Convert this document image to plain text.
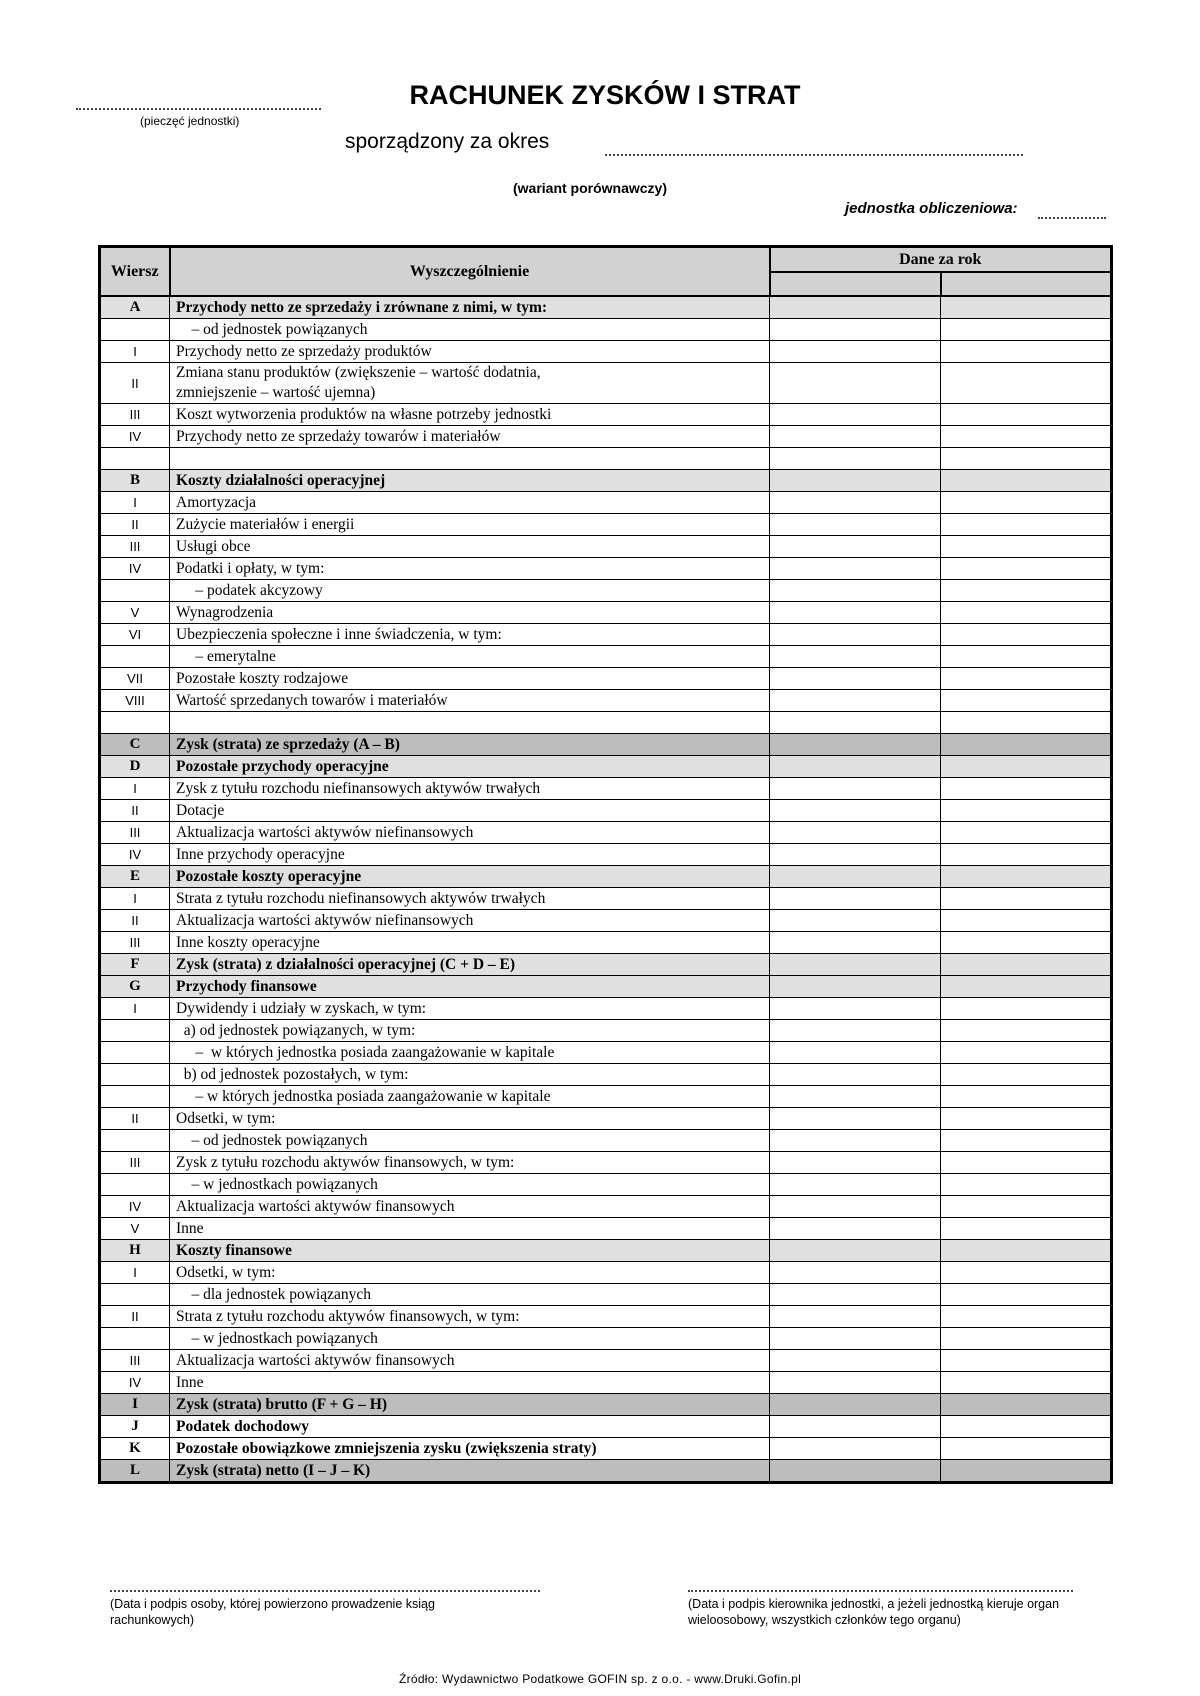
(pieczęć jednostki)
RACHUNEK ZYSKÓW I STRAT
sporządzony za okres
(wariant porównawczy)
jednostka obliczeniowa:
Wiersz	Wyszczególnienie	Dane za rok	

A	Przychody netto ze sprzedaży i zrównane z nimi, w tym:		
	– od jednostek powiązanych		
I	Przychody netto ze sprzedaży produktów		
II	Zmiana stanu produktów (zwiększenie – wartość dodatnia,
zmniejszenie – wartość ujemna)		
III	Koszt wytworzenia produktów na własne potrzeby jednostki		
IV	Przychody netto ze sprzedaży towarów i materiałów		

B	Koszty działalności operacyjnej		
I	Amortyzacja		
II	Zużycie materiałów i energii		
III	Usługi obce		
IV	Podatki i opłaty, w tym:		
	– podatek akcyzowy		
V	Wynagrodzenia		
VI	Ubezpieczenia społeczne i inne świadczenia, w tym:		
	– emerytalne		
VII	Pozostałe koszty rodzajowe		
VIII	Wartość sprzedanych towarów i materiałów		

C	Zysk (strata) ze sprzedaży (A – B)		
D	Pozostałe przychody operacyjne		
I	Zysk z tytułu rozchodu niefinansowych aktywów trwałych		
II	Dotacje		
III	Aktualizacja wartości aktywów niefinansowych		
IV	Inne przychody operacyjne		
E	Pozostałe koszty operacyjne		
I	Strata z tytułu rozchodu niefinansowych aktywów trwałych		
II	Aktualizacja wartości aktywów niefinansowych		
III	Inne koszty operacyjne		
F	Zysk (strata) z działalności operacyjnej (C + D – E)		
G	Przychody finansowe		
I	Dywidendy i udziały w zyskach, w tym:		
	a) od jednostek powiązanych, w tym:		
	–  w których jednostka posiada zaangażowanie w kapitale		
	b) od jednostek pozostałych, w tym:		
	– w których jednostka posiada zaangażowanie w kapitale		
II	Odsetki, w tym:		
	– od jednostek powiązanych		
III	Zysk z tytułu rozchodu aktywów finansowych, w tym:		
	– w jednostkach powiązanych		
IV	Aktualizacja wartości aktywów finansowych		
V	Inne		
H	Koszty finansowe		
I	Odsetki, w tym:		
	– dla jednostek powiązanych		
II	Strata z tytułu rozchodu aktywów finansowych, w tym:		
	– w jednostkach powiązanych		
III	Aktualizacja wartości aktywów finansowych		
IV	Inne		
I	Zysk (strata) brutto (F + G – H)		
J	Podatek dochodowy		
K	Pozostałe obowiązkowe zmniejszenia zysku (zwiększenia straty)		
L	Zysk (strata) netto (I – J – K)		
(Data i podpis osoby, której powierzono prowadzenie ksiąg rachunkowych)
(Data i podpis kierownika jednostki, a jeżeli jednostką kieruje organ wieloosobowy, wszystkich członków tego organu)
Źródło: Wydawnictwo Podatkowe GOFIN sp. z o.o. - www.Druki.Gofin.pl
